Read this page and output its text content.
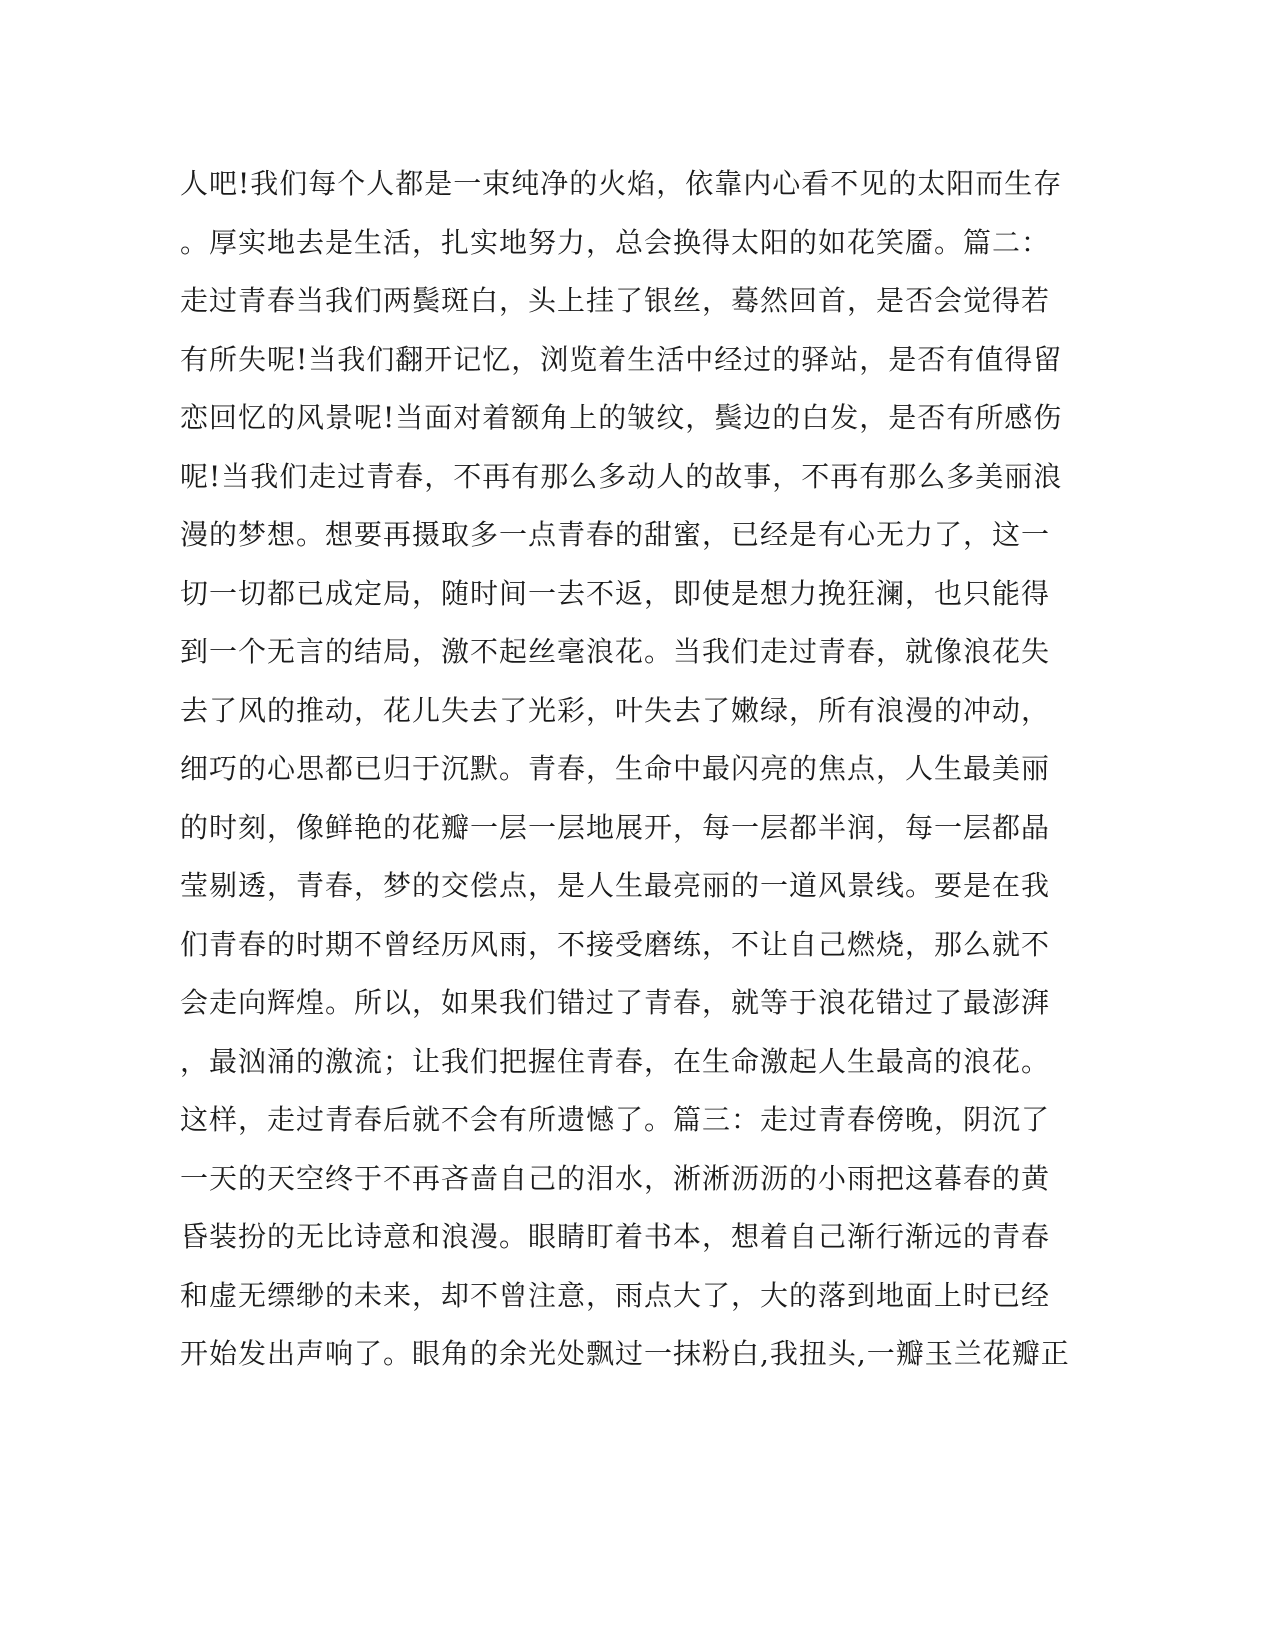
人吧!我们每个人都是一束纯净的火焰，依靠内心看不见的太阳而生存
。厚实地去是生活，扎实地努力，总会换得太阳的如花笑靥。篇二：
走过青春当我们两鬓斑白，头上挂了银丝，蓦然回首，是否会觉得若
有所失呢!当我们翻开记忆，浏览着生活中经过的驿站，是否有值得留
恋回忆的风景呢!当面对着额角上的皱纹，鬓边的白发，是否有所感伤
呢!当我们走过青春，不再有那么多动人的故事，不再有那么多美丽浪
漫的梦想。想要再摄取多一点青春的甜蜜，已经是有心无力了，这一
切一切都已成定局，随时间一去不返，即使是想力挽狂澜，也只能得
到一个无言的结局，激不起丝毫浪花。当我们走过青春，就像浪花失
去了风的推动，花儿失去了光彩，叶失去了嫩绿，所有浪漫的冲动，
细巧的心思都已归于沉默。青春，生命中最闪亮的焦点，人生最美丽
的时刻，像鲜艳的花瓣一层一层地展开，每一层都半润，每一层都晶
莹剔透，青春，梦的交偿点，是人生最亮丽的一道风景线。要是在我
们青春的时期不曾经历风雨，不接受磨练，不让自己燃烧，那么就不
会走向辉煌。所以，如果我们错过了青春，就等于浪花错过了最澎湃
，最汹涌的激流；让我们把握住青春，在生命激起人生最高的浪花。
这样，走过青春后就不会有所遗憾了。篇三：走过青春傍晚，阴沉了
一天的天空终于不再吝啬自己的泪水，淅淅沥沥的小雨把这暮春的黄
昏装扮的无比诗意和浪漫。眼睛盯着书本，想着自己渐行渐远的青春
和虚无缥缈的未来，却不曾注意，雨点大了，大的落到地面上时已经
开始发出声响了。眼角的余光处飘过一抹粉白,我扭头,一瓣玉兰花瓣正
